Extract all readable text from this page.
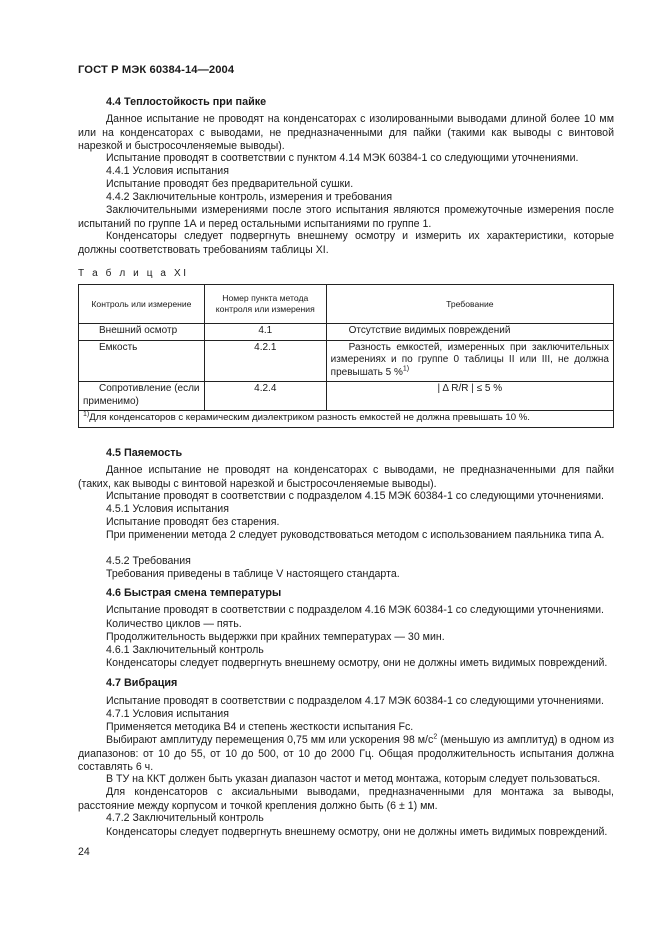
ГОСТ Р МЭК 60384-14—2004
4.4 Теплостойкость при пайке
Данное испытание не проводят на конденсаторах с изолированными выводами длиной более 10 мм или на конденсаторах с выводами, не предназначенными для пайки (такими как выводы с винтовой нарезкой и быстросочленяемые выводы).
Испытание проводят в соответствии с пунктом 4.14 МЭК 60384-1 со следующими уточнениями.
4.4.1 Условия испытания
Испытание проводят без предварительной сушки.
4.4.2 Заключительные контроль, измерения и требования
Заключительными измерениями после этого испытания являются промежуточные измерения после испытаний по группе 1А и перед остальными испытаниями по группе 1.
Конденсаторы следует подвергнуть внешнему осмотру и измерить их характеристики, которые должны соответствовать требованиям таблицы XI.
Т а б л и ц а XI
Контроль или измерение	Номер пункта метода контроля или измерения	Требование
Внешний осмотр	4.1	Отсутствие видимых повреждений
Емкость	4.2.1	Разность емкостей, измеренных при заключительных измерениях и по группе 0 таблицы II или III, не должна превышать 5 %$^{1)}$
Сопротивление (если применимо)	4.2.4	| Δ R/R | ≤ 5 %
$^{1)}$Для конденсаторов с керамическим диэлектриком разность емкостей не должна превышать 10 %.		
4.5 Паяемость
Данное испытание не проводят на конденсаторах с выводами, не предназначенными для пайки (таких, как выводы с винтовой нарезкой и быстросочленяемые выводы).
Испытание проводят в соответствии с подразделом 4.15 МЭК 60384-1 со следующими уточнениями.
4.5.1 Условия испытания
Испытание проводят без старения.
При применении метода 2 следует руководствоваться методом с использованием паяльника типа А.
4.5.2 Требования
Требования приведены в таблице V настоящего стандарта.
4.6 Быстрая смена температуры
Испытание проводят в соответствии с подразделом 4.16 МЭК 60384-1 со следующими уточнениями.
Количество циклов — пять.
Продолжительность выдержки при крайних температурах — 30 мин.
4.6.1 Заключительный контроль
Конденсаторы следует подвергнуть внешнему осмотру, они не должны иметь видимых повреждений.
4.7 Вибрация
Испытание проводят в соответствии с подразделом 4.17 МЭК 60384-1 со следующими уточнениями.
4.7.1 Условия испытания
Применяется методика В4 и степень жесткости испытания Fc.
Выбирают амплитуду перемещения 0,75 мм или ускорения 98 $м/с^2$ (меньшую из амплитуд) в одном из диапазонов: от 10 до 55, от 10 до 500, от 10 до 2000 Гц. Общая продолжительность испытания должна составлять 6 ч.
В ТУ на ККТ должен быть указан диапазон частот и метод монтажа, которым следует пользоваться.
Для конденсаторов с аксиальными выводами, предназначенными для монтажа за выводы, расстояние между корпусом и точкой крепления должно быть (6 ± 1) мм.
4.7.2 Заключительный контроль
Конденсаторы следует подвергнуть внешнему осмотру, они не должны иметь видимых повреждений.
24
